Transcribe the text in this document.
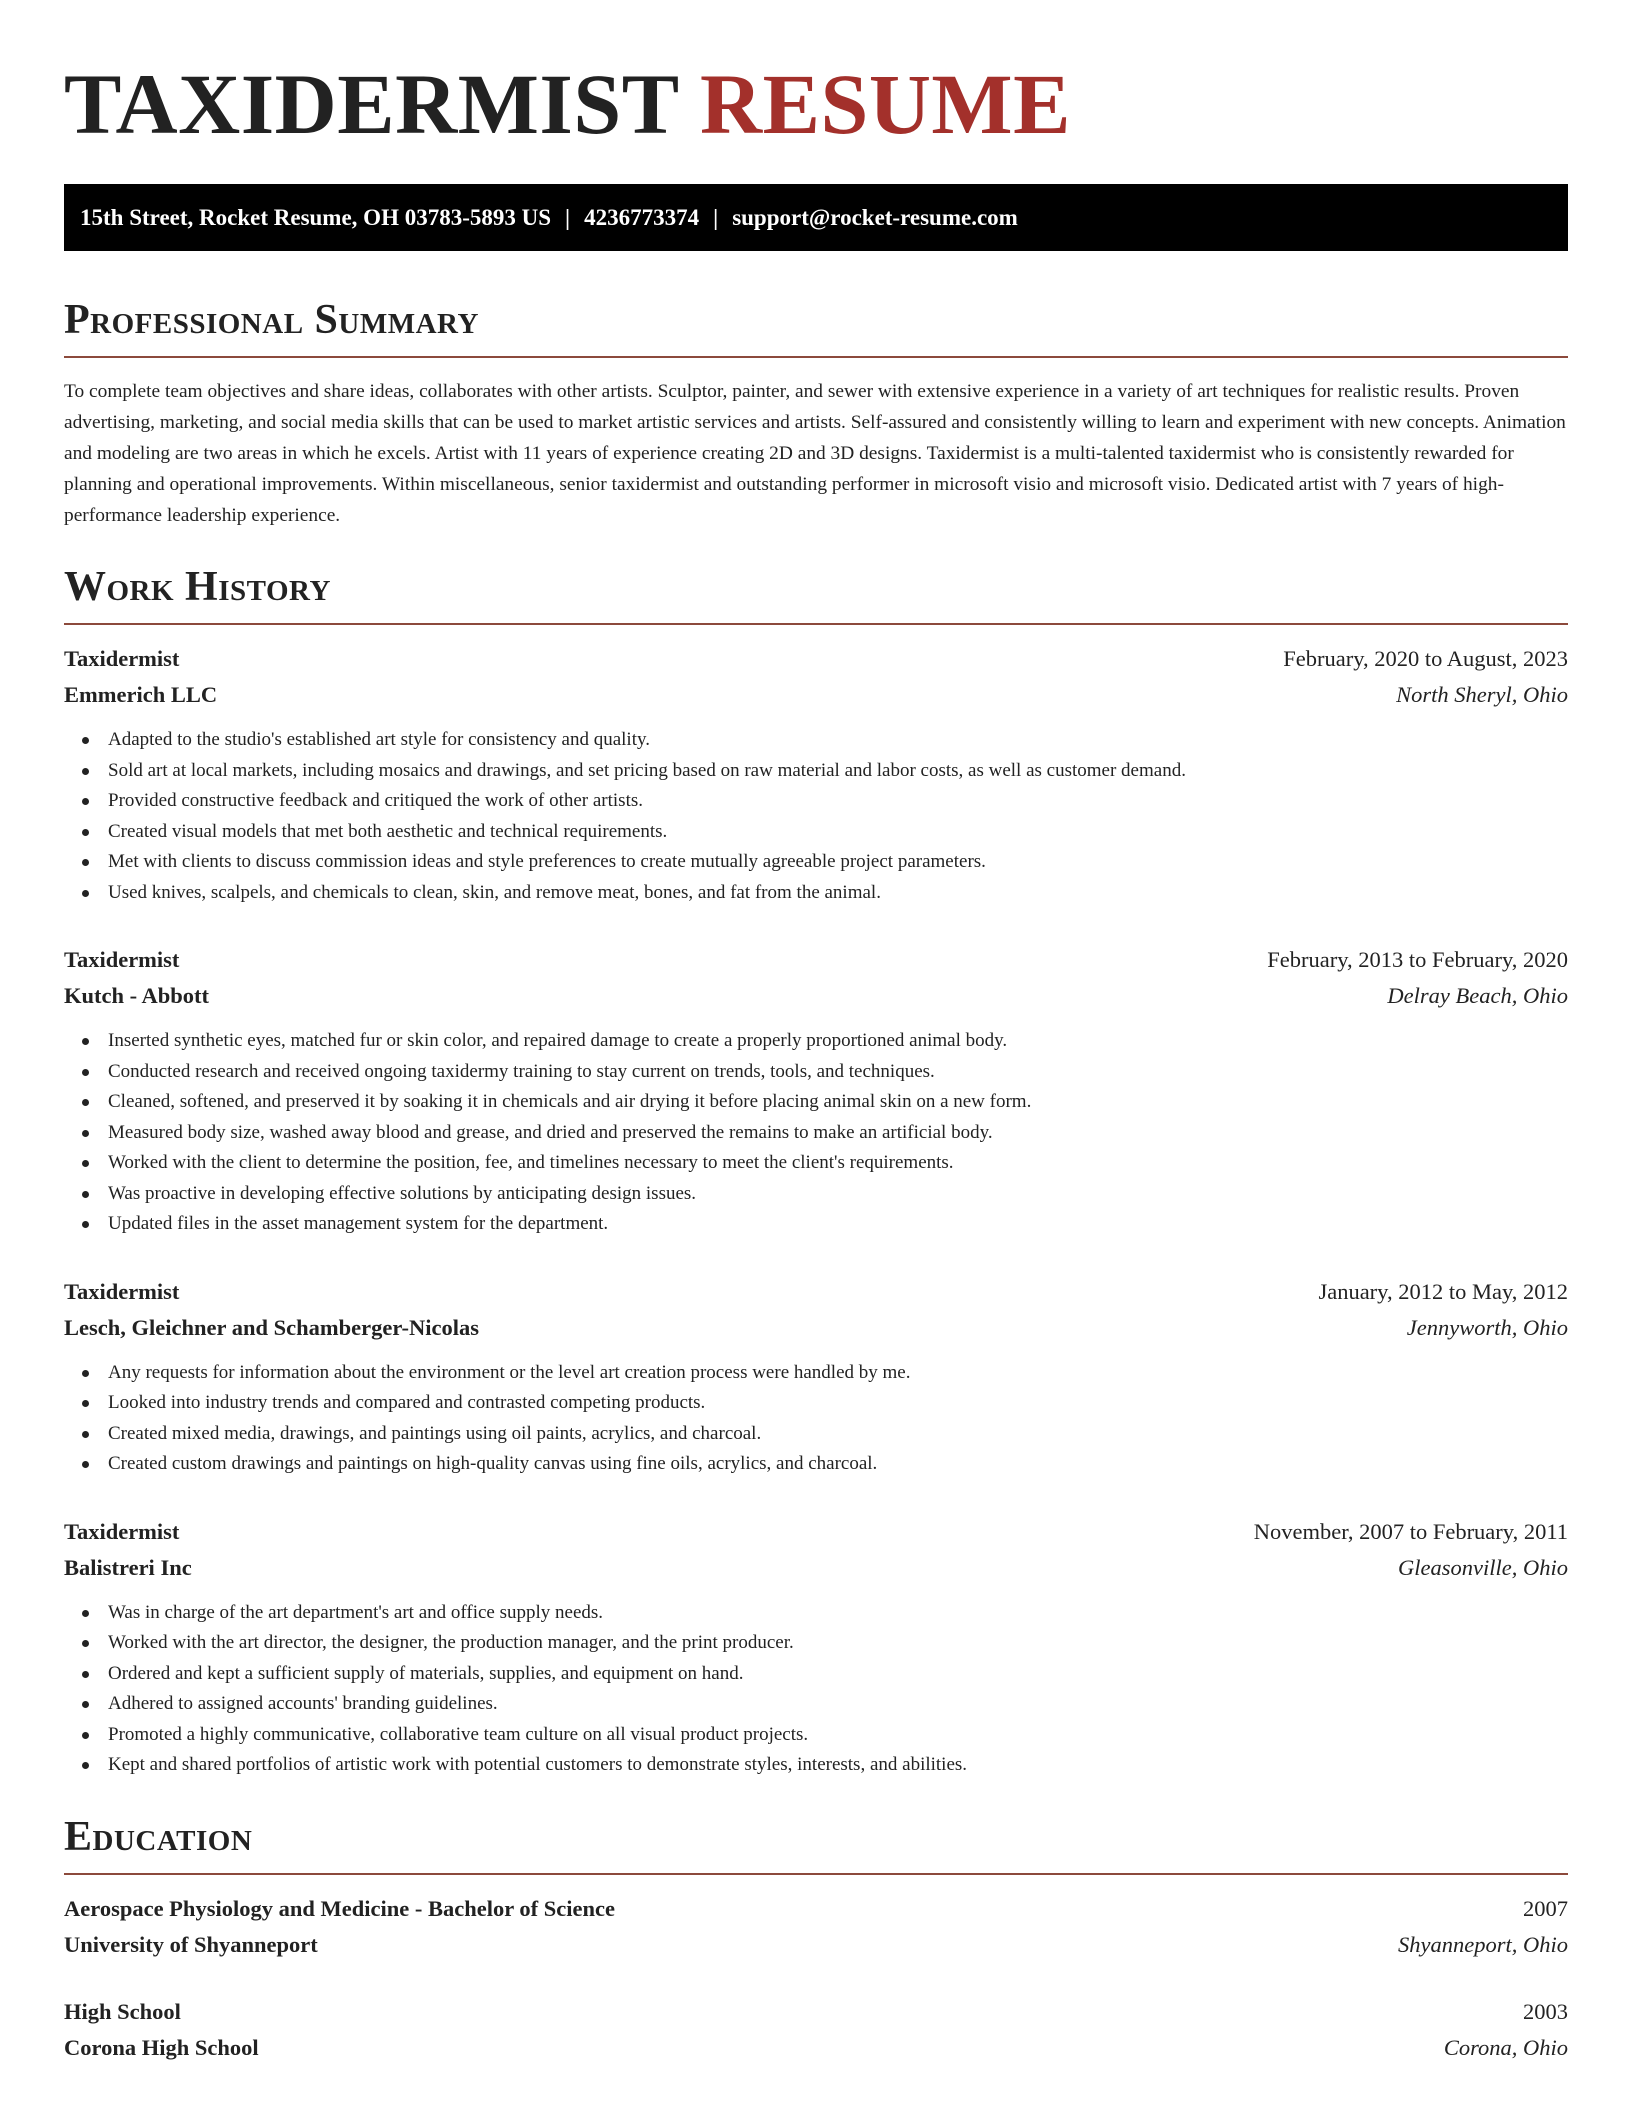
TAXIDERMIST RESUME
15th Street, Rocket Resume, OH 03783-5893 US | 4236773374 | support@rocket-resume.com
Professional Summary

To complete team objectives and share ideas, collaborates with other artists. Sculptor, painter, and sewer with extensive experience in a variety of art techniques for realistic results. Proven advertising, marketing, and social media skills that can be used to market artistic services and artists. Self-assured and consistently willing to learn and experiment with new concepts. Animation and modeling are two areas in which he excels. Artist with 11 years of experience creating 2D and 3D designs. Taxidermist is a multi-talented taxidermist who is consistently rewarded for planning and operational improvements. Within miscellaneous, senior taxidermist and outstanding performer in microsoft visio and microsoft visio. Dedicated artist with 7 years of high-performance leadership experience.

Work History
Taxidermist	February, 2020 to August, 2023
Emmerich LLC	North Sheryl, Ohio
Adapted to the studio's established art style for consistency and quality.
Sold art at local markets, including mosaics and drawings, and set pricing based on raw material and labor costs, as well as customer demand.
Provided constructive feedback and critiqued the work of other artists.
Created visual models that met both aesthetic and technical requirements.
Met with clients to discuss commission ideas and style preferences to create mutually agreeable project parameters.
Used knives, scalpels, and chemicals to clean, skin, and remove meat, bones, and fat from the animal.
Taxidermist	February, 2013 to February, 2020
Kutch - Abbott	Delray Beach, Ohio
Inserted synthetic eyes, matched fur or skin color, and repaired damage to create a properly proportioned animal body.
Conducted research and received ongoing taxidermy training to stay current on trends, tools, and techniques.
Cleaned, softened, and preserved it by soaking it in chemicals and air drying it before placing animal skin on a new form.
Measured body size, washed away blood and grease, and dried and preserved the remains to make an artificial body.
Worked with the client to determine the position, fee, and timelines necessary to meet the client's requirements.
Was proactive in developing effective solutions by anticipating design issues.
Updated files in the asset management system for the department.
Taxidermist	January, 2012 to May, 2012
Lesch, Gleichner and Schamberger-Nicolas	Jennyworth, Ohio
Any requests for information about the environment or the level art creation process were handled by me.
Looked into industry trends and compared and contrasted competing products.
Created mixed media, drawings, and paintings using oil paints, acrylics, and charcoal.
Created custom drawings and paintings on high-quality canvas using fine oils, acrylics, and charcoal.
Taxidermist	November, 2007 to February, 2011
Balistreri Inc	Gleasonville, Ohio
Was in charge of the art department's art and office supply needs.
Worked with the art director, the designer, the production manager, and the print producer.
Ordered and kept a sufficient supply of materials, supplies, and equipment on hand.
Adhered to assigned accounts' branding guidelines.
Promoted a highly communicative, collaborative team culture on all visual product projects.
Kept and shared portfolios of artistic work with potential customers to demonstrate styles, interests, and abilities.
Education
Aerospace Physiology and Medicine - Bachelor of Science	2007
University of Shyanneport	Shyanneport, Ohio
High School	2003
Corona High School	Corona, Ohio
